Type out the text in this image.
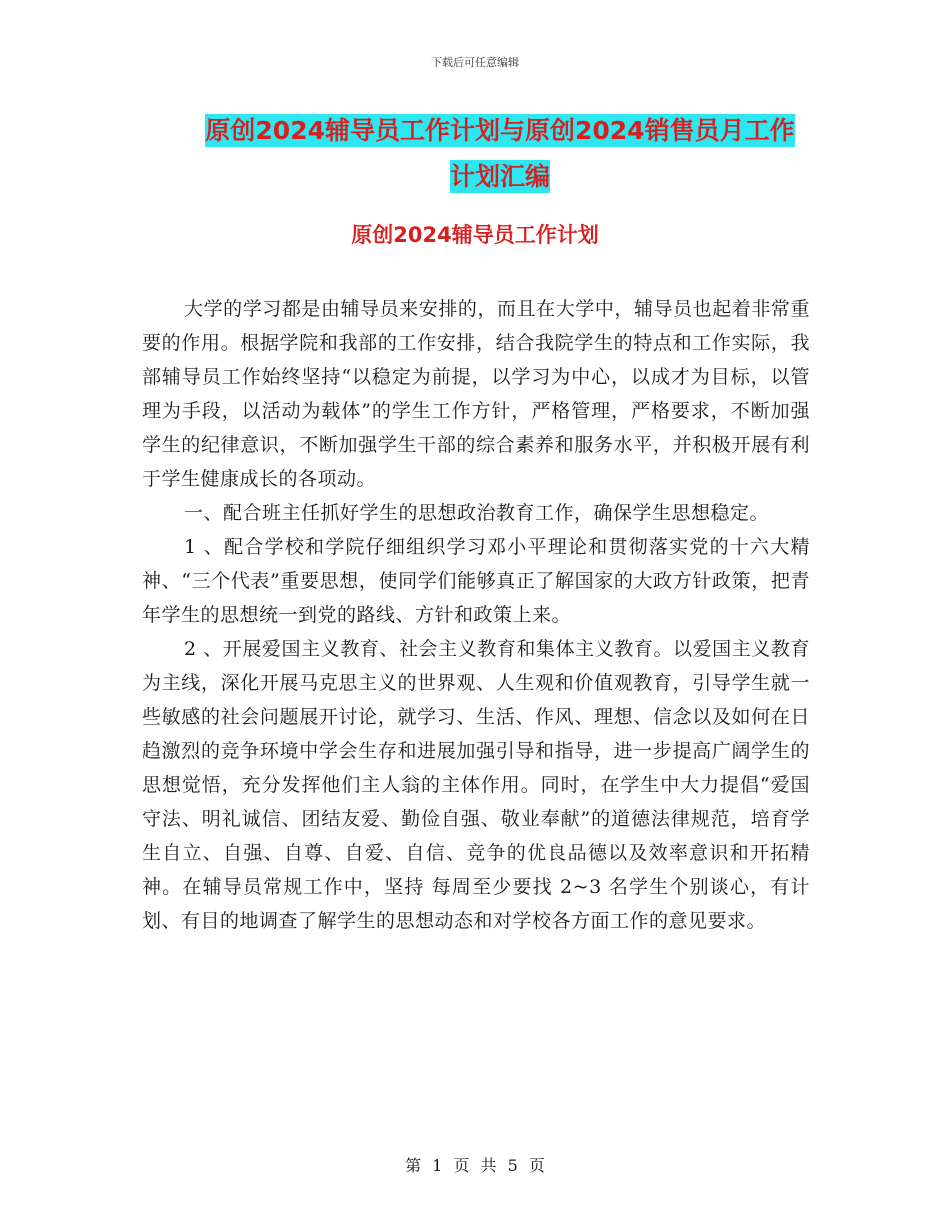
下载后可任意编辑
原创2024辅导员工作计划与原创2024销售员月工作
计划汇编
原创2024辅导员工作计划

大学的学习都是由辅导员来安排的，而且在大学中，辅导员也起着非常重要的作用。根据学院和我部的工作安排，结合我院学生的特点和工作实际，我部辅导员工作始终坚持“以稳定为前提，以学习为中心，以成才为目标，以管理为手段，以活动为载体”的学生工作方针，严格管理，严格要求，不断加强学生的纪律意识，不断加强学生干部的综合素养和服务水平，并积极开展有利于学生健康成长的各项动。

一、配合班主任抓好学生的思想政治教育工作，确保学生思想稳定。

1 、配合学校和学院仔细组织学习邓小平理论和贯彻落实党的十六大精神、“三个代表”重要思想，使同学们能够真正了解国家的大政方针政策，把青年学生的思想统一到党的路线、方针和政策上来。

2 、开展爱国主义教育、社会主义教育和集体主义教育。以爱国主义教育为主线，深化开展马克思主义的世界观、人生观和价值观教育，引导学生就一些敏感的社会问题展开讨论，就学习、生活、作风、理想、信念以及如何在日趋激烈的竞争环境中学会生存和进展加强引导和指导，进一步提高广阔学生的思想觉悟，充分发挥他们主人翁的主体作用。同时，在学生中大力提倡“爱国守法、明礼诚信、团结友爱、勤俭自强、敬业奉献”的道德法律规范，培育学生自立、自强、自尊、自爱、自信、竞争的优良品德以及效率意识和开拓精神。在辅导员常规工作中，坚持 每周至少要找 2~3 名学生个别谈心，有计划、有目的地调查了解学生的思想动态和对学校各方面工作的意见要求。

第 1 页 共 5 页
